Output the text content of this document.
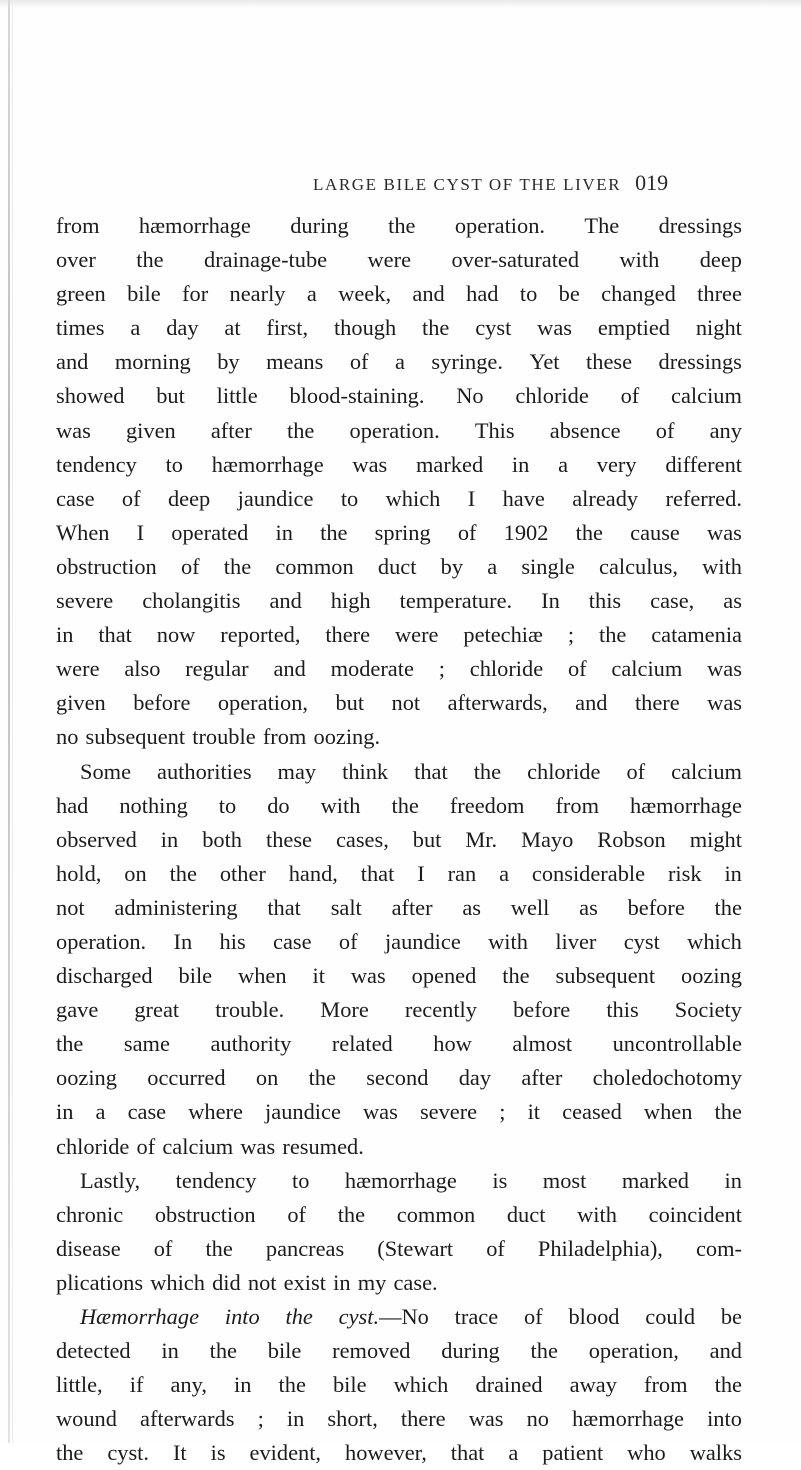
LARGE BILE CYST OF THE LIVER 019
from hæmorrhage during the operation. The dressings
over the drainage-tube were over-saturated with deep
green bile for nearly a week, and had to be changed three
times a day at first, though the cyst was emptied night
and morning by means of a syringe. Yet these dressings
showed but little blood-staining. No chloride of calcium
was given after the operation. This absence of any
tendency to hæmorrhage was marked in a very different
case of deep jaundice to which I have already referred.
When I operated in the spring of 1902 the cause was
obstruction of the common duct by a single calculus, with
severe cholangitis and high temperature. In this case, as
in that now reported, there were petechiæ ; the catamenia
were also regular and moderate ; chloride of calcium was
given before operation, but not afterwards, and there was
no subsequent trouble from oozing.
Some authorities may think that the chloride of calcium
had nothing to do with the freedom from hæmorrhage
observed in both these cases, but Mr. Mayo Robson might
hold, on the other hand, that I ran a considerable risk in
not administering that salt after as well as before the
operation. In his case of jaundice with liver cyst which
discharged bile when it was opened the subsequent oozing
gave great trouble. More recently before this Society
the same authority related how almost uncontrollable
oozing occurred on the second day after choledochotomy
in a case where jaundice was severe ; it ceased when the
chloride of calcium was resumed.
Lastly, tendency to hæmorrhage is most marked in
chronic obstruction of the common duct with coincident
disease of the pancreas (Stewart of Philadelphia), com-
plications which did not exist in my case.
Hæmorrhage into the cyst.—No trace of blood could be
detected in the bile removed during the operation, and
little, if any, in the bile which drained away from the
wound afterwards ; in short, there was no hæmorrhage into
the cyst. It is evident, however, that a patient who walks
